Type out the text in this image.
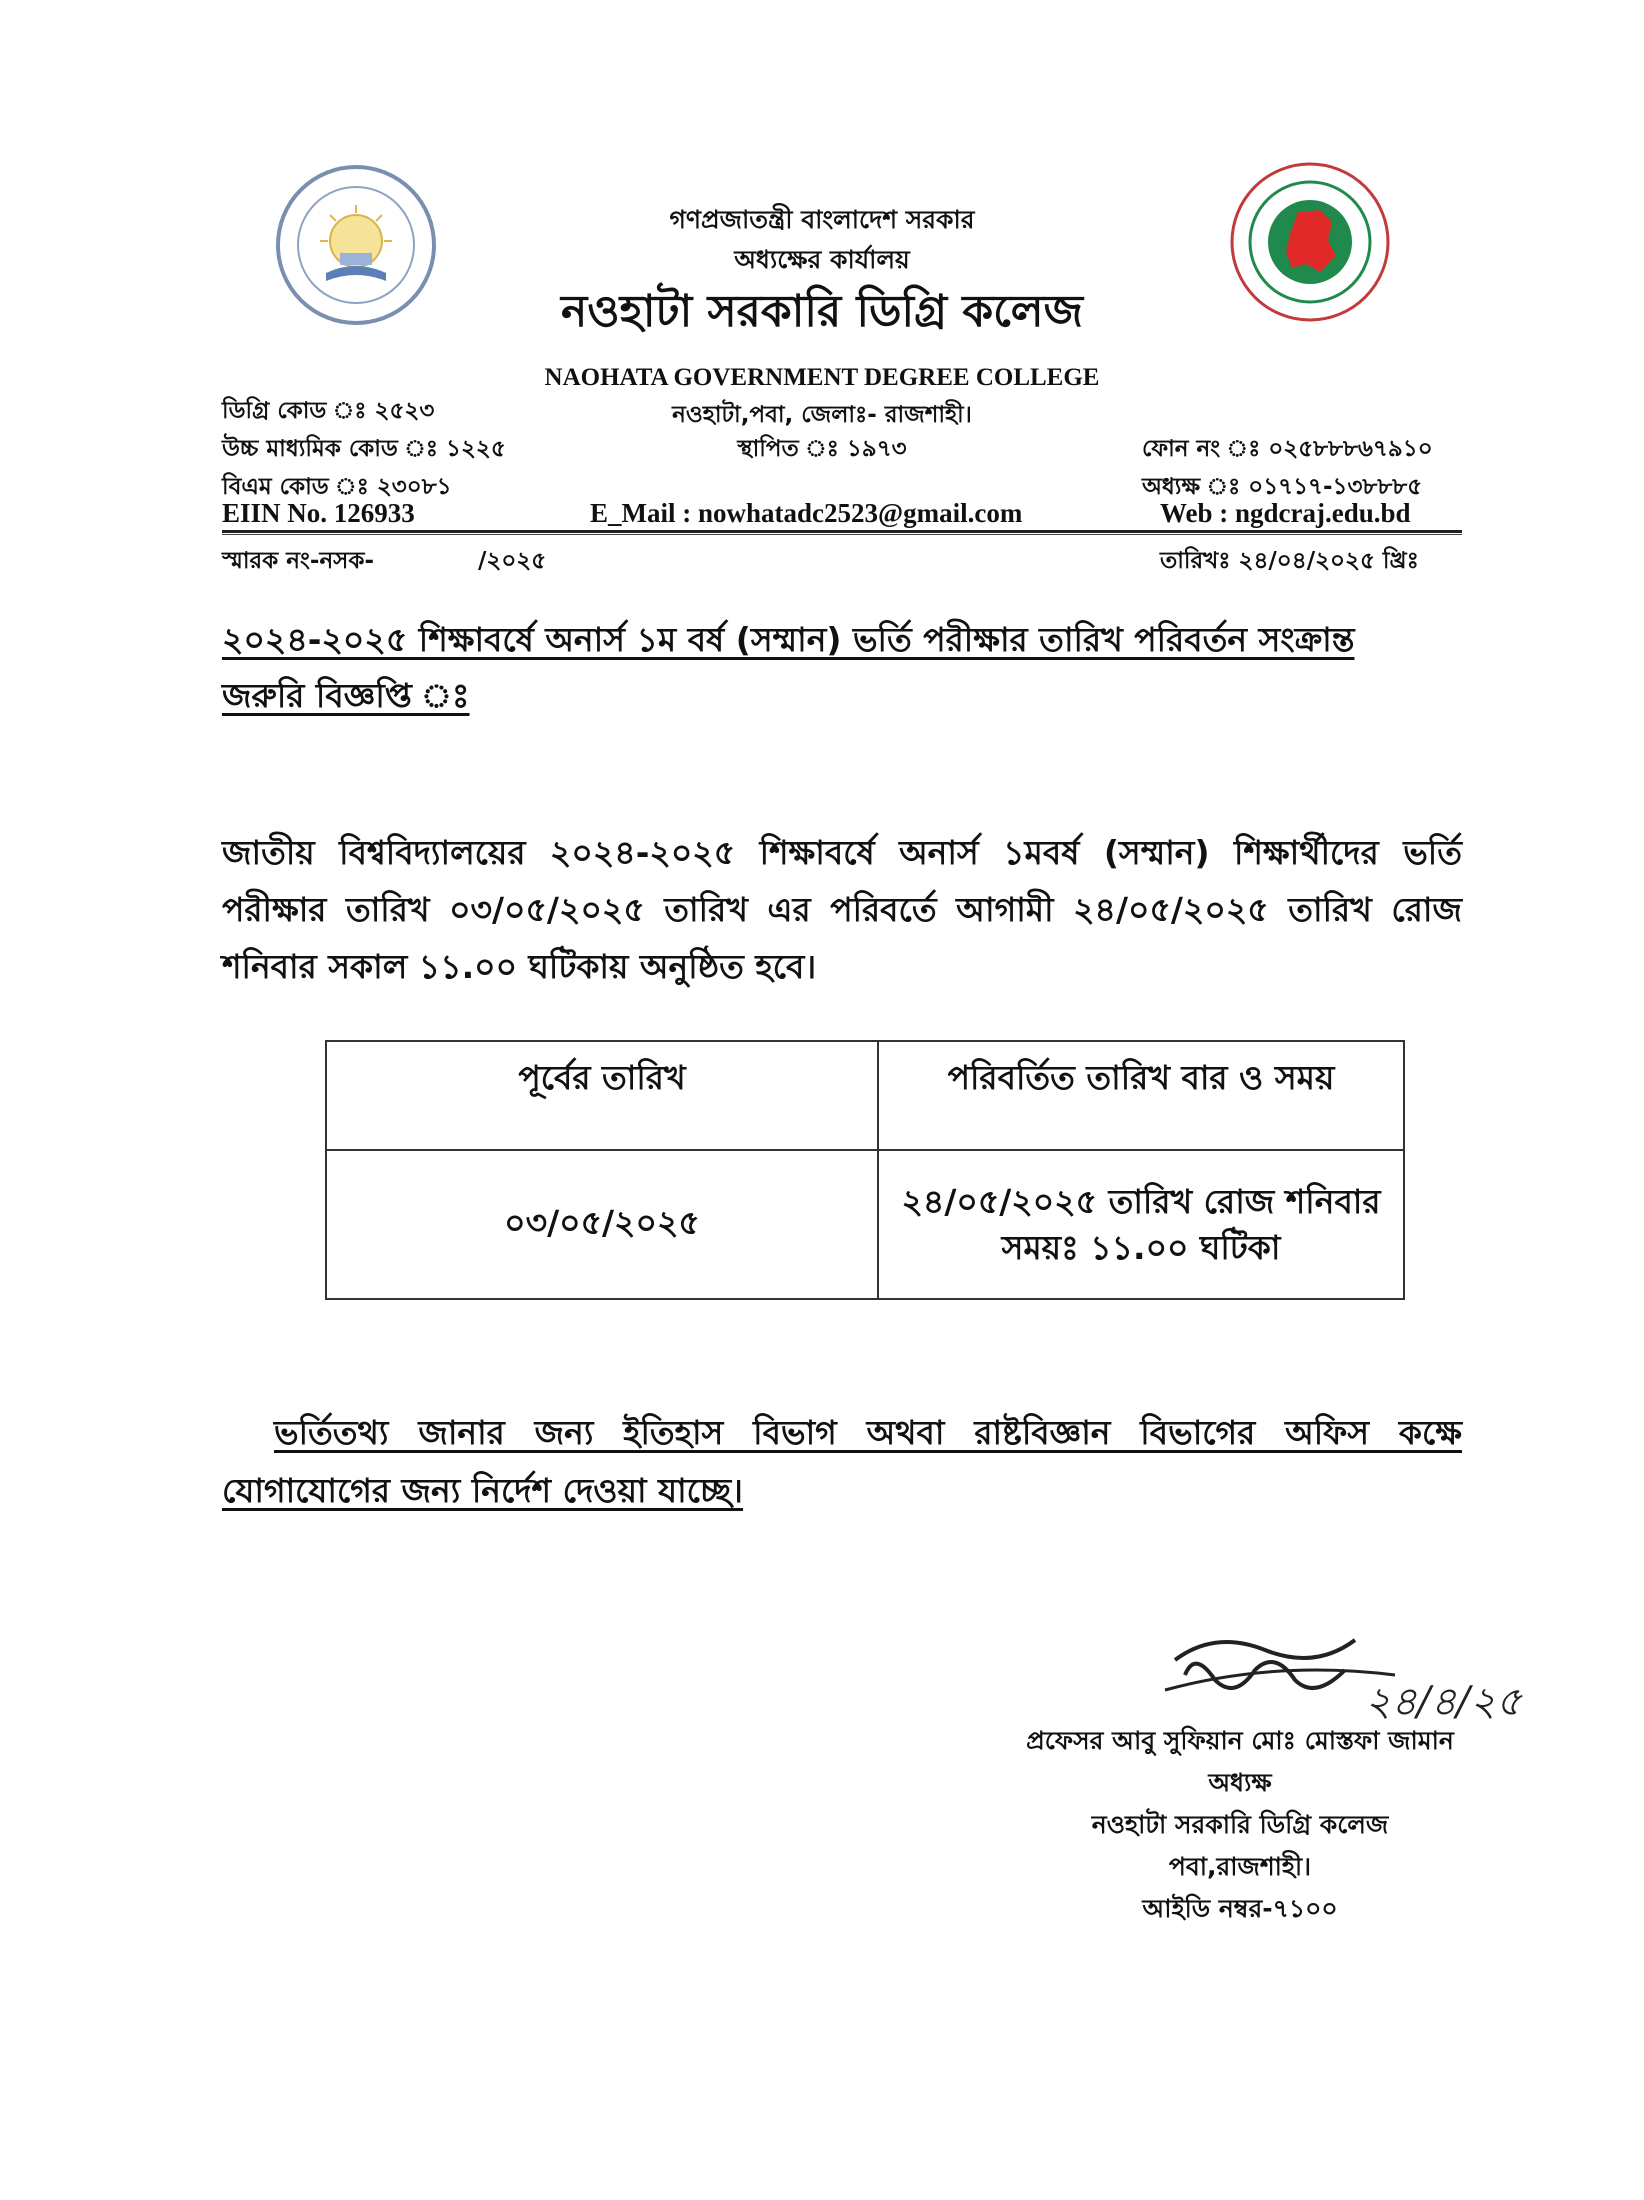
গণপ্রজাতন্ত্রী বাংলাদেশ সরকার
অধ্যক্ষের কার্যালয়
নওহাটা সরকারি ডিগ্রি কলেজ
NAOHATA GOVERNMENT DEGREE COLLEGE
নওহাটা,পবা, জেলাঃ- রাজশাহী।
স্থাপিত ঃ ১৯৭৩
ডিগ্রি কোড ঃ ২৫২৩
উচ্চ মাধ্যমিক কোড ঃ ১২২৫
বিএম কোড ঃ ২৩০৮১
EIIN No. 126933	E_Mail : nowhatadc2523@gmail.com
ফোন নং ঃ ০২৫৮৮৮৬৭৯১০
অধ্যক্ষ ঃ ০১৭১৭-১৩৮৮৮৫
Web : ngdcraj.edu.bd
স্মারক নং-নসক-	/২০২৫	তারিখঃ ২৪/০৪/২০২৫ খ্রিঃ
২০২৪-২০২৫ শিক্ষাবর্ষে অনার্স ১ম বর্ষ (সম্মান) ভর্তি পরীক্ষার তারিখ পরিবর্তন সংক্রান্ত
জরুরি বিজ্ঞপ্তি ঃ
জাতীয় বিশ্ববিদ্যালয়ের ২০২৪-২০২৫ শিক্ষাবর্ষে অনার্স ১মবর্ষ (সম্মান) শিক্ষার্থীদের ভর্তি পরীক্ষার তারিখ ০৩/০৫/২০২৫ তারিখ এর পরিবর্তে আগামী ২৪/০৫/২০২৫ তারিখ রোজ শনিবার সকাল ১১.০০ ঘটিকায় অনুষ্ঠিত হবে।
পূর্বের তারিখ	পরিবর্তিত তারিখ বার ও সময়
০৩/০৫/২০২৫	২৪/০৫/২০২৫ তারিখ রোজ শনিবার
সময়ঃ ১১.০০ ঘটিকা
ভর্তিতথ্য জানার জন্য ইতিহাস বিভাগ অথবা রাষ্টবিজ্ঞান বিভাগের অফিস কক্ষে
যোগাযোগের জন্য নির্দেশ দেওয়া যাচ্ছে।
২৪/৪/২৫
প্রফেসর আবু সুফিয়ান মোঃ মোস্তফা জামান
অধ্যক্ষ
নওহাটা সরকারি ডিগ্রি কলেজ
পবা,রাজশাহী।
আইডি নম্বর-৭১০০
